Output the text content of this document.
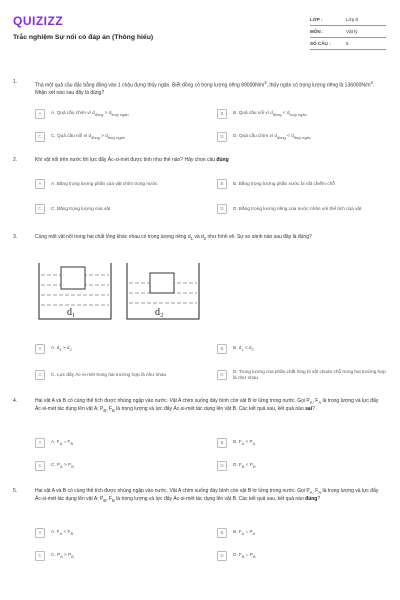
QUIZIZZ
Trắc nghiệm Sự nổi có đáp án (Thông hiểu)
LỚP :	Lớp 8
MÔN :	Vật lý
SỐ CÂU :	5
1.
Thả một quả cầu đặc bằng đồng vào 1 chậu đựng thủy ngân. Biết đồng có trọng lượng riêng $89000N/m^3$, thủy ngân có trọng lượng riêng là $136000N/m^3$. Nhận xét nào sau đây là đúng?
A	A. Quả cầu chìm vì $d_{đồng} > d_{thuỷ ngân}$	B	B. Quả cầu nổi vì $d_{đồng} < d_{thuỷ ngân}$
C	C. Quả cầu nổi vì $d_{đồng} > d_{thuỷ ngân}$	D	D. Quả cầu chìm vì $d_{đồng} < d_{thuỷ ngân}$
2.	Khi vật nổi trên nước thì lực đẩy Ác-si-mét được tính như thế nào? Hãy chọn câu đúng
A	A. Bằng trọng lượng phần của vật chìm trong nước	B	B. Bằng trọng lượng phần nước bị vật chiếm chỗ
C	C. Bằng trọng lượng của vật	D	D. Bằng trọng lượng riêng của nước nhân với thể tích của vật
3.	Cùng một vật nổi trong hai chất lỏng khác nhau có trọng lượng riêng $d_1$ và $d_2$ như hình vẽ. Sự so sánh nào sau đây là đúng?
d₁	d₂
A	A. $d_1 > d_2$	B	B. $d_1 < d_2$
C	C. Lực đẩy Ác-si-mét trong hai trường hợp là như nhau	D
D. Trọng lượng của phần chất lỏng bị vật choán chỗ trong hai trường hợp là như nhau
4.	Hai vật A và B có cùng thể tích được nhúng ngập vào nước. Vật A chìm xuống đáy bình còn vật B lơ lửng trong nước. Gọi $P_A$, $F_A$ là trọng lượng và lực đẩy Ác-si-mét tác dụng lên vật A; $P_B$, $F_B$ là trọng lượng và lực đẩy Ác-si-mét tác dụng lên vật B. Các kết quả sau, kết quả nào sai?
A	A. $F_A = F_B$	B	B. $F_A < P_A$
C	C. $P_A > P_B$	D	D. $F_B < P_B$
5.	Hai vật A và B có cùng thể tích được nhúng ngập vào nước. Vật A chìm xuống đáy bình còn vật B lơ lửng trong nước. Gọi $P_A$, $F_A$ là trọng lượng và lực đẩy Ác-si-mét tác dụng lên vật A; $P_B$, $F_B$ là trọng lượng và lực đẩy Ác-si-mét tác dụng lên vật B. Các kết quả sau, kết quả nào đúng?
A	A. $F_A < F_B$	B	B. $F_A = P_A$
C	C. $P_A > P_B$	D	D. $F_B = P_B$
